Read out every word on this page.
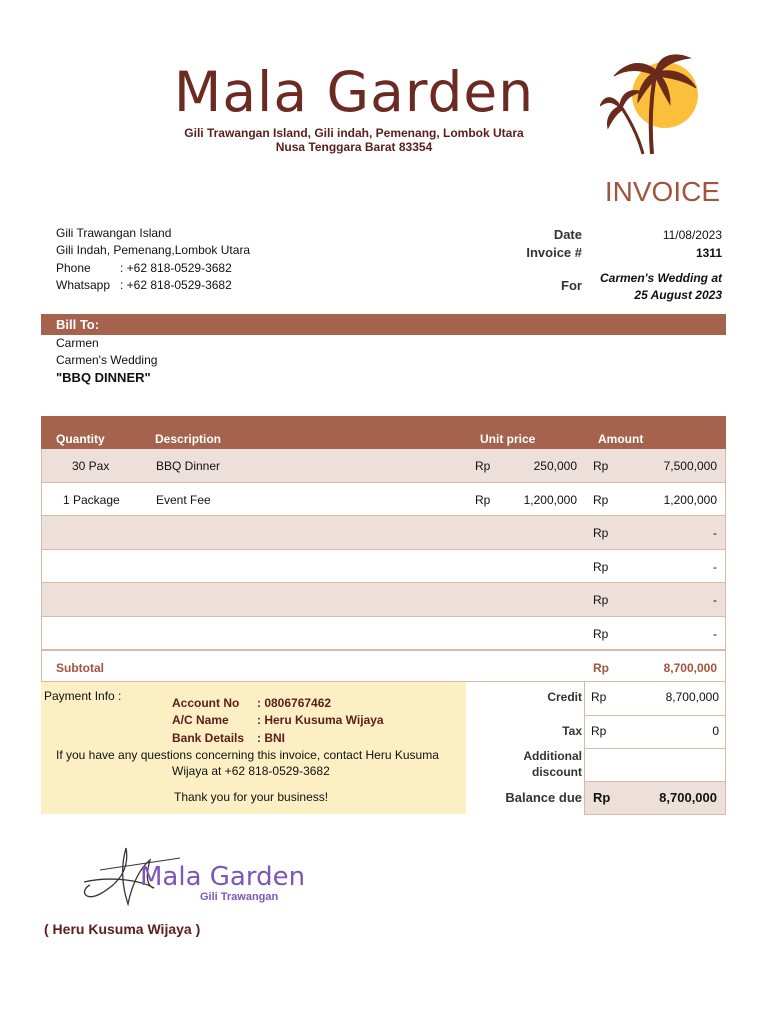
Mala Garden
Gili Trawangan Island, Gili indah, Pemenang, Lombok Utara
Nusa Tenggara Barat 83354
INVOICE
Gili Trawangan Island
Gili Indah, Pemenang,Lombok Utara
Phone : +62 818-0529-3682
Whatsapp : +62 818-0529-3682
Date	11/08/2023
Invoice #	1311
For	Carmen's Wedding at
25 August 2023
Bill To:
Carmen
Carmen's Wedding
"BBQ DINNER"
Quantity	Description	Unit price	Amount
30 Pax	BBQ Dinner	Rp	250,000 Rp	7,500,000
1 Package	Event Fee	Rp	1,200,000 Rp	1,200,000
Rp	-
Rp	-
Rp	-
Rp	-
Subtotal	Rp	8,700,000
Payment Info :	Account No : 0806767462
A/C Name : Heru Kusuma Wijaya
Bank Details : BNI
If you have any questions concerning this invoice, contact Heru Kusuma
Wijaya at +62 818-0529-3682
Thank you for your business!
Credit Rp	8,700,000
Tax Rp	0
Additional
discount
Balance due Rp	8,700,000
Mala Garden
Gili Trawangan
( Heru Kusuma Wijaya )
